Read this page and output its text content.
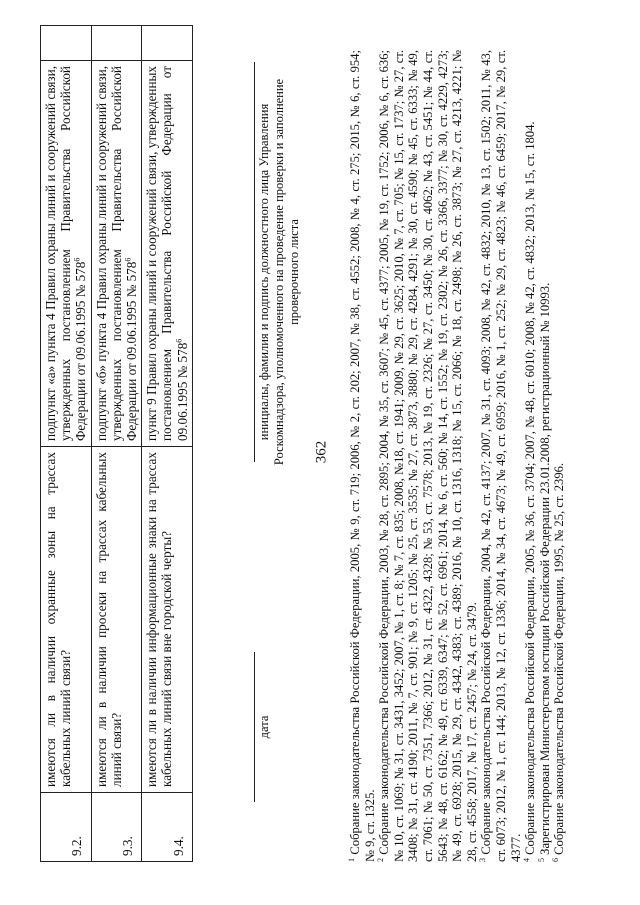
362
9.2.	имеются ли в наличии охранные зоны на трассах кабельных линий связи?	подпункт «а» пункта 4 Правил охраны линий и сооружений связи, утвержденных постановлением Правительства Российской Федерации от 09.06.1995 № $578^6$	
9.3.	имеются ли в наличии просеки на трассах кабельных линий связи?	подпункт «б» пункта 4 Правил охраны линий и сооружений связи, утвержденных постановлением Правительства Российской Федерации от 09.06.1995 № $578^6$	
9.4.	имеются ли в наличии информационные знаки на трассах кабельных линий связи вне городской черты?	пункт 9 Правил охраны линий и сооружений связи, утвержденных постановлением Правительства Российской Федерации от 09.06.1995 № $578^6$	
дата
инициалы, фамилия и подпись должностного лица Управления Роскомнадзора, уполномоченного на проведение проверки и заполнение проверочного листа

$^1$ Собрание законодательства Российской Федерации, 2005, № 9, ст. 719; 2006, № 2, ст. 202; 2007, № 38, ст. 4552; 2008, № 4, ст. 275; 2015, № 6, ст. 954; № 9, ст. 1325. $^2$ Собрание законодательства Российской Федерации, 2003, № 28, ст. 2895; 2004, № 35, ст. 3607; № 45, ст. 4377; 2005, № 19, ст. 1752; 2006, № 6, ст. 636; № 10, ст. 1069; № 31, ст. 3431, 3452; 2007, № 1, ст. 8; № 7, ст. 835; 2008, №18, ст. 1941; 2009, № 29, ст. 3625; 2010, № 7, ст. 705; № 15, ст. 1737; № 27, ст. 3408; № 31, ст. 4190; 2011, № 7, ст. 901; № 9, ст. 1205; № 25, ст. 3535; № 27, ст. 3873, 3880; № 29, ст. 4284, 4291; № 30, ст. 4590; № 45, ст. 6333; № 49, ст. 7061; № 50, ст. 7351, 7366; 2012, № 31, ст. 4322, 4328; № 53, ст. 7578; 2013, № 19, ст. 2326; № 27, ст. 3450; № 30, ст. 4062; № 43, ст. 5451; № 44, ст. 5643; № 48, ст. 6162; № 49, ст. 6339, 6347; № 52, ст. 6961; 2014, № 6, ст. 560; № 14, ст. 1552; № 19, ст. 2302; № 26, ст. 3366, 3377; № 30, ст. 4229, 4273; № 49, ст. 6928; 2015, № 29, ст. 4342, 4383; ст. 4389; 2016, № 10, ст. 1316, 1318; № 15, ст. 2066; № 18, ст. 2498; № 26, ст. 3873; № 27, ст. 4213, 4221; № 28, ст. 4558; 2017, № 17, ст. 2457; № 24, ст. 3479. $^3$ Собрание законодательства Российской Федерации, 2004, № 42, ст. 4137; 2007, № 31, ст. 4093; 2008, № 42, ст. 4832; 2010, № 13, ст. 1502; 2011, № 43, ст. 6073; 2012, № 1, ст. 144; 2013, № 12, ст. 1336; 2014, № 34, ст. 4673; № 49, ст. 6959; 2016, № 1, ст. 252; № 29, ст. 4823; № 46, ст. 6459; 2017, № 29, ст. 4377. $^4$ Собрание законодательства Российской Федерации, 2005, № 36, ст. 3704; 2007, № 48, ст. 6010; 2008, № 42, ст. 4832; 2013, № 15, ст. 1804.

$^5$ Зарегистрирован Министерством юстиции Российской Федерации 23.01.2008, регистрационный № 10993.

$^6$ Собрание законодательства Российской Федерации, 1995, № 25, ст. 2396.
